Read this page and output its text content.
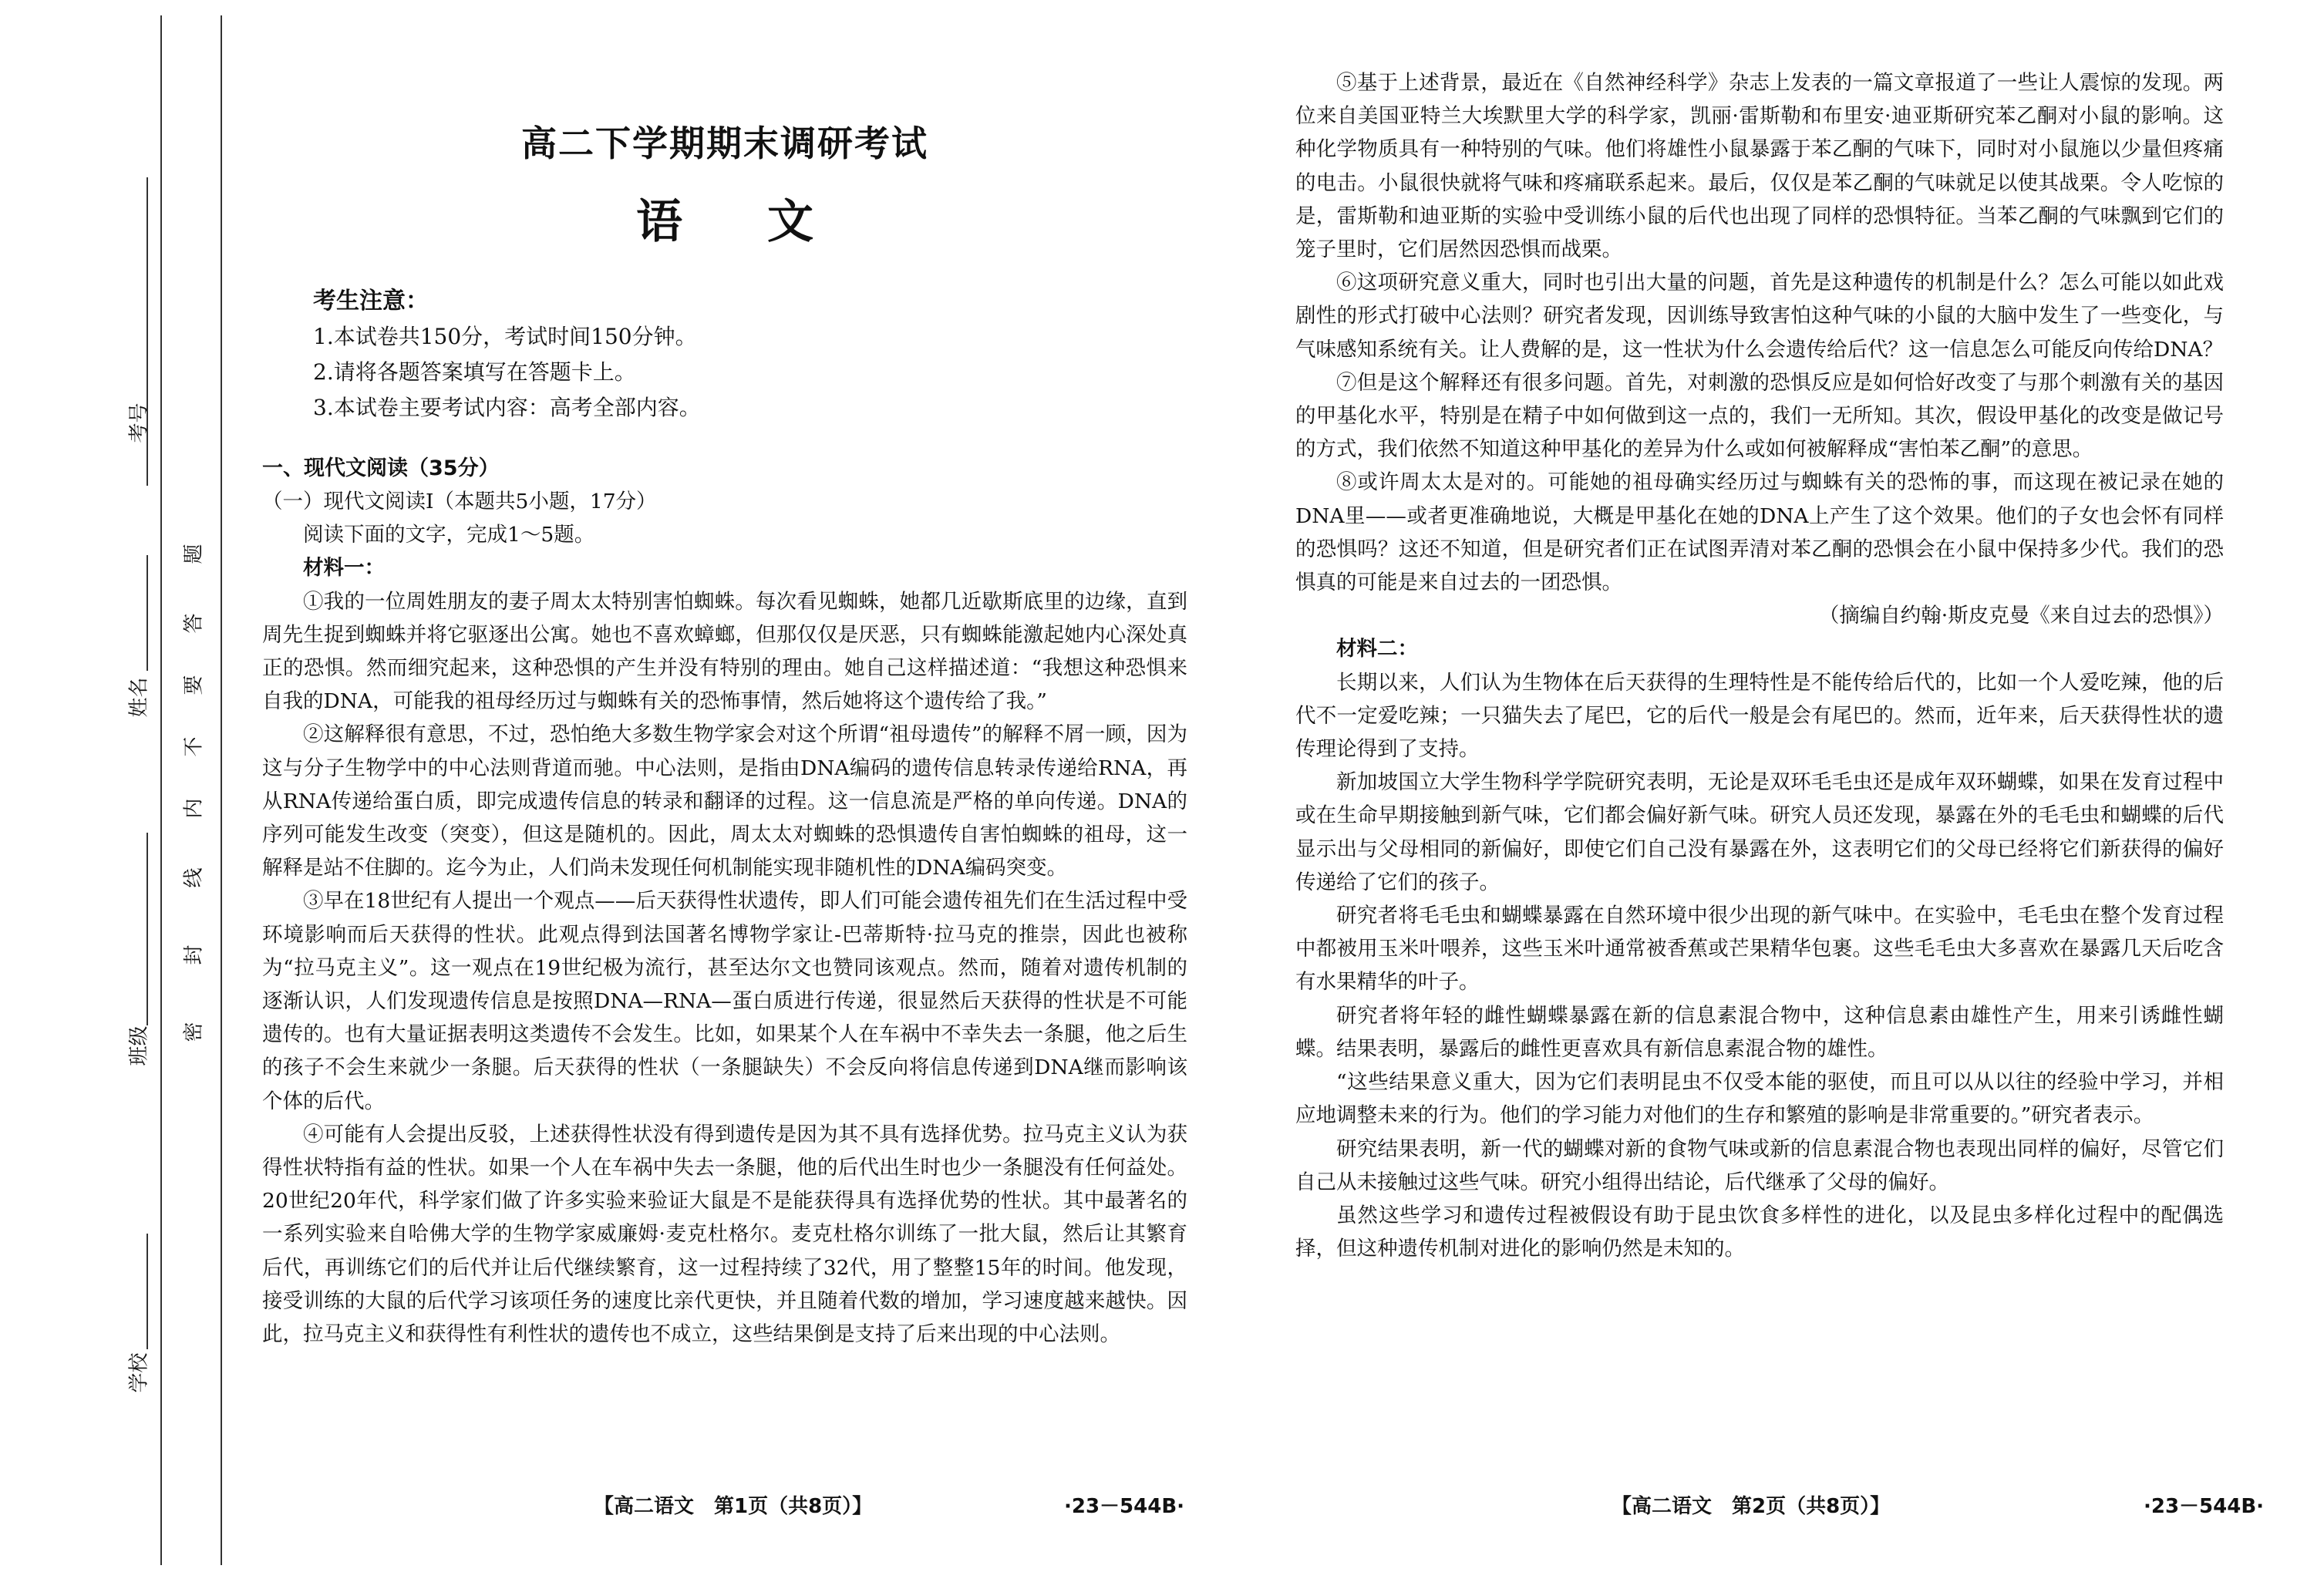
考号
姓名
班级
学校
密
封
线
内
不
要
答
题
高二下学期期末调研考试
语文
考生注意：
1.本试卷共150分，考试时间150分钟。
2.请将各题答案填写在答题卡上。
3.本试卷主要考试内容：高考全部内容。
一、现代文阅读（35分）
（一）现代文阅读Ⅰ（本题共5小题，17分）
阅读下面的文字，完成1～5题。
材料一：

①我的一位周姓朋友的妻子周太太特别害怕蜘蛛。每次看见蜘蛛，她都几近歇斯底里的边缘，直到周先生捉到蜘蛛并将它驱逐出公寓。她也不喜欢蟑螂，但那仅仅是厌恶，只有蜘蛛能激起她内心深处真正的恐惧。然而细究起来，这种恐惧的产生并没有特别的理由。她自己这样描述道：“我想这种恐惧来自我的DNA，可能我的祖母经历过与蜘蛛有关的恐怖事情，然后她将这个遗传给了我。”

②这解释很有意思，不过，恐怕绝大多数生物学家会对这个所谓“祖母遗传”的解释不屑一顾，因为这与分子生物学中的中心法则背道而驰。中心法则，是指由DNA编码的遗传信息转录传递给RNA，再从RNA传递给蛋白质，即完成遗传信息的转录和翻译的过程。这一信息流是严格的单向传递。DNA的序列可能发生改变（突变），但这是随机的。因此，周太太对蜘蛛的恐惧遗传自害怕蜘蛛的祖母，这一解释是站不住脚的。迄今为止，人们尚未发现任何机制能实现非随机性的DNA编码突变。

③早在18世纪有人提出一个观点——后天获得性状遗传，即人们可能会遗传祖先们在生活过程中受环境影响而后天获得的性状。此观点得到法国著名博物学家让-巴蒂斯特·拉马克的推崇，因此也被称为“拉马克主义”。这一观点在19世纪极为流行，甚至达尔文也赞同该观点。然而，随着对遗传机制的逐渐认识，人们发现遗传信息是按照DNA—RNA—蛋白质进行传递，很显然后天获得的性状是不可能遗传的。也有大量证据表明这类遗传不会发生。比如，如果某个人在车祸中不幸失去一条腿，他之后生的孩子不会生来就少一条腿。后天获得的性状（一条腿缺失）不会反向将信息传递到DNA继而影响该个体的后代。

④可能有人会提出反驳，上述获得性状没有得到遗传是因为其不具有选择优势。拉马克主义认为获得性状特指有益的性状。如果一个人在车祸中失去一条腿，他的后代出生时也少一条腿没有任何益处。20世纪20年代，科学家们做了许多实验来验证大鼠是不是能获得具有选择优势的性状。其中最著名的一系列实验来自哈佛大学的生物学家威廉姆·麦克杜格尔。麦克杜格尔训练了一批大鼠，然后让其繁育后代，再训练它们的后代并让后代继续繁育，这一过程持续了32代，用了整整15年的时间。他发现，接受训练的大鼠的后代学习该项任务的速度比亲代更快，并且随着代数的增加，学习速度越来越快。因此，拉马克主义和获得性有利性状的遗传也不成立，这些结果倒是支持了后来出现的中心法则。

【高二语文　第1页（共8页）】	·23－544B·

⑤基于上述背景，最近在《自然神经科学》杂志上发表的一篇文章报道了一些让人震惊的发现。两位来自美国亚特兰大埃默里大学的科学家，凯丽·雷斯勒和布里安·迪亚斯研究苯乙酮对小鼠的影响。这种化学物质具有一种特别的气味。他们将雄性小鼠暴露于苯乙酮的气味下，同时对小鼠施以少量但疼痛的电击。小鼠很快就将气味和疼痛联系起来。最后，仅仅是苯乙酮的气味就足以使其战栗。令人吃惊的是，雷斯勒和迪亚斯的实验中受训练小鼠的后代也出现了同样的恐惧特征。当苯乙酮的气味飘到它们的笼子里时，它们居然因恐惧而战栗。

⑥这项研究意义重大，同时也引出大量的问题，首先是这种遗传的机制是什么？怎么可能以如此戏剧性的形式打破中心法则？研究者发现，因训练导致害怕这种气味的小鼠的大脑中发生了一些变化，与气味感知系统有关。让人费解的是，这一性状为什么会遗传给后代？这一信息怎么可能反向传给DNA？

⑦但是这个解释还有很多问题。首先，对刺激的恐惧反应是如何恰好改变了与那个刺激有关的基因的甲基化水平，特别是在精子中如何做到这一点的，我们一无所知。其次，假设甲基化的改变是做记号的方式，我们依然不知道这种甲基化的差异为什么或如何被解释成“害怕苯乙酮”的意思。

⑧或许周太太是对的。可能她的祖母确实经历过与蜘蛛有关的恐怖的事，而这现在被记录在她的DNA里——或者更准确地说，大概是甲基化在她的DNA上产生了这个效果。他们的子女也会怀有同样的恐惧吗？这还不知道，但是研究者们正在试图弄清对苯乙酮的恐惧会在小鼠中保持多少代。我们的恐惧真的可能是来自过去的一团恐惧。

（摘编自约翰·斯皮克曼《来自过去的恐惧》）
材料二：

长期以来，人们认为生物体在后天获得的生理特性是不能传给后代的，比如一个人爱吃辣，他的后代不一定爱吃辣；一只猫失去了尾巴，它的后代一般是会有尾巴的。然而，近年来，后天获得性状的遗传理论得到了支持。

新加坡国立大学生物科学学院研究表明，无论是双环毛毛虫还是成年双环蝴蝶，如果在发育过程中或在生命早期接触到新气味，它们都会偏好新气味。研究人员还发现，暴露在外的毛毛虫和蝴蝶的后代显示出与父母相同的新偏好，即使它们自己没有暴露在外，这表明它们的父母已经将它们新获得的偏好传递给了它们的孩子。

研究者将毛毛虫和蝴蝶暴露在自然环境中很少出现的新气味中。在实验中，毛毛虫在整个发育过程中都被用玉米叶喂养，这些玉米叶通常被香蕉或芒果精华包裹。这些毛毛虫大多喜欢在暴露几天后吃含有水果精华的叶子。

研究者将年轻的雌性蝴蝶暴露在新的信息素混合物中，这种信息素由雄性产生，用来引诱雌性蝴蝶。结果表明，暴露后的雌性更喜欢具有新信息素混合物的雄性。

“这些结果意义重大，因为它们表明昆虫不仅受本能的驱使，而且可以从以往的经验中学习，并相应地调整未来的行为。他们的学习能力对他们的生存和繁殖的影响是非常重要的。”研究者表示。

研究结果表明，新一代的蝴蝶对新的食物气味或新的信息素混合物也表现出同样的偏好，尽管它们自己从未接触过这些气味。研究小组得出结论，后代继承了父母的偏好。

虽然这些学习和遗传过程被假设有助于昆虫饮食多样性的进化，以及昆虫多样化过程中的配偶选择，但这种遗传机制对进化的影响仍然是未知的。

【高二语文　第2页（共8页）】	·23－544B·
